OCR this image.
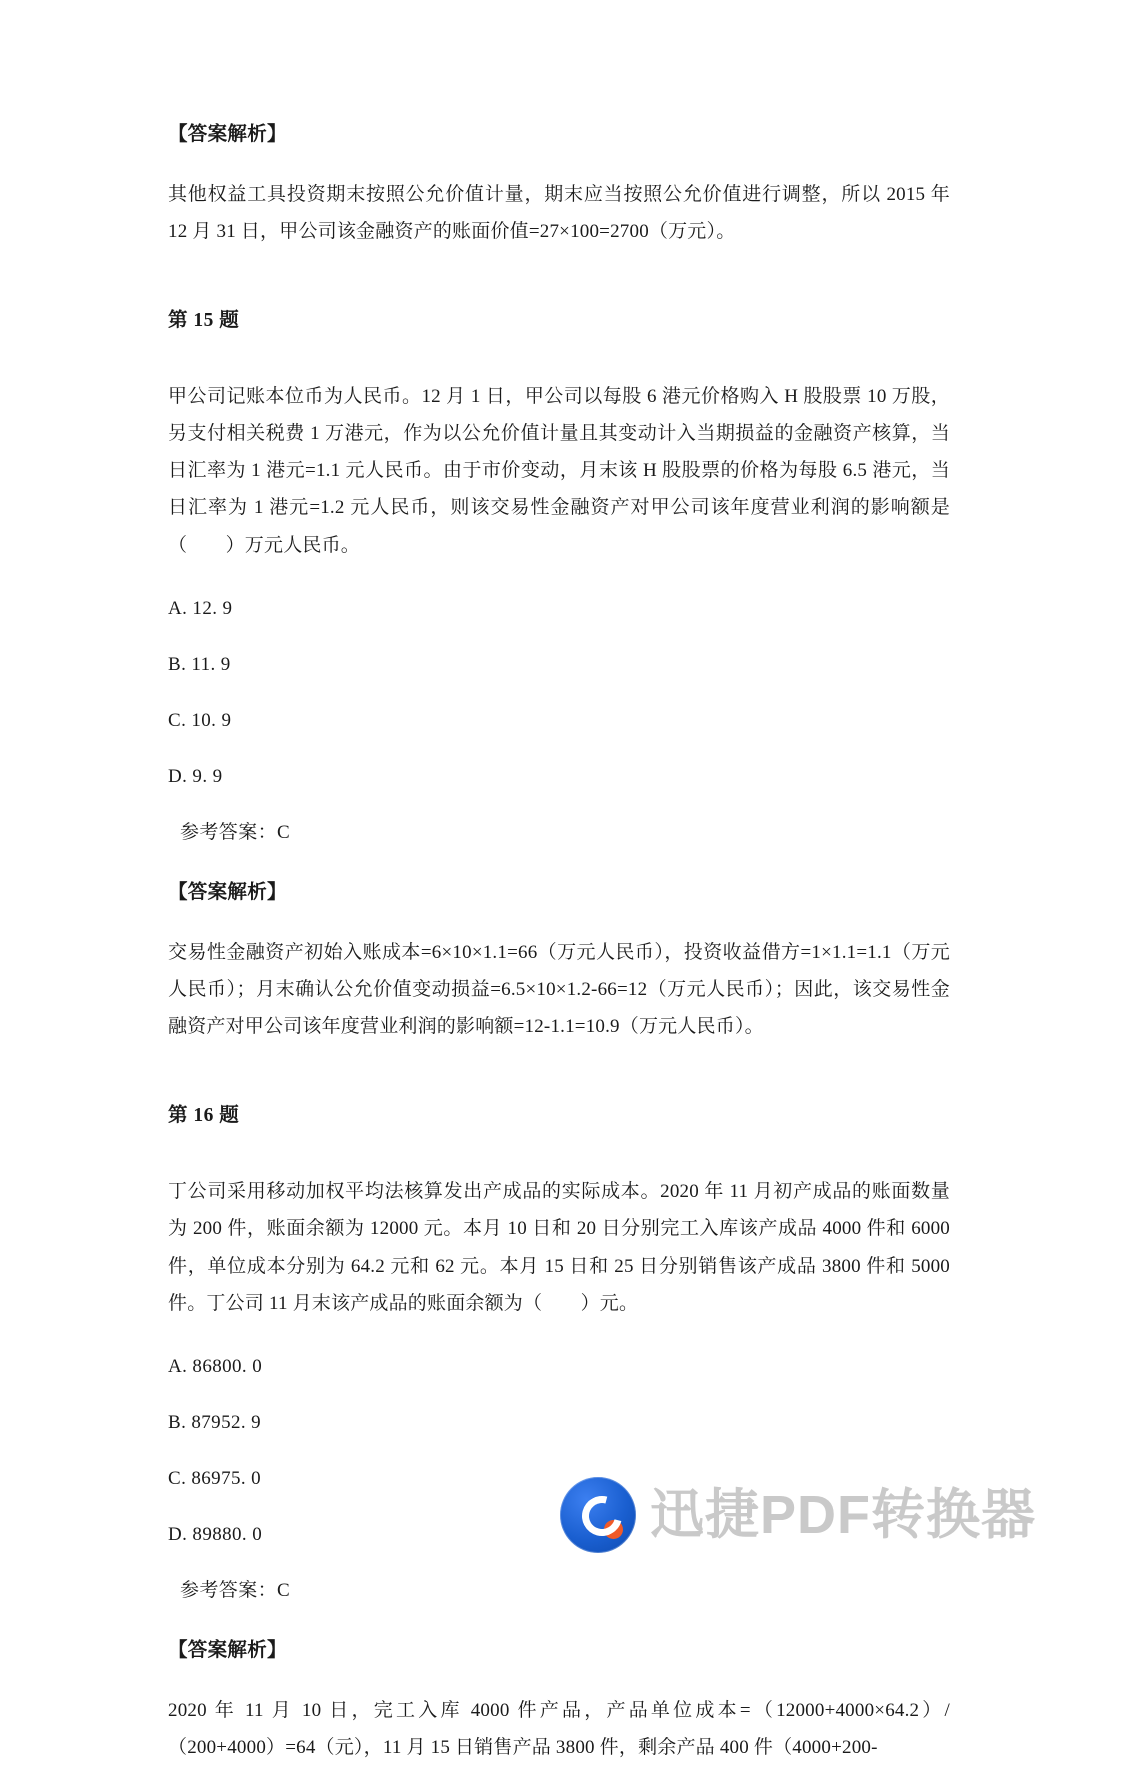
【答案解析】

其他权益工具投资期末按照公允价值计量，期末应当按照公允价值进行调整，所以 2015 年 12 月 31 日，甲公司该金融资产的账面价值=27×100=2700（万元）。

第 15 题

甲公司记账本位币为人民币。12 月 1 日，甲公司以每股 6 港元价格购入 H 股股票 10 万股，另支付相关税费 1 万港元，作为以公允价值计量且其变动计入当期损益的金融资产核算，当日汇率为 1 港元=1.1 元人民币。由于市价变动，月末该 H 股股票的价格为每股 6.5 港元，当日汇率为 1 港元=1.2 元人民币，则该交易性金融资产对甲公司该年度营业利润的影响额是（　　）万元人民币。

A. 12. 9

B. 11. 9

C. 10. 9

D. 9. 9

参考答案：C

【答案解析】

交易性金融资产初始入账成本=6×10×1.1=66（万元人民币），投资收益借方=1×1.1=1.1（万元人民币）；月末确认公允价值变动损益=6.5×10×1.2-66=12（万元人民币）；因此，该交易性金融资产对甲公司该年度营业利润的影响额=12-1.1=10.9（万元人民币）。

第 16 题

丁公司采用移动加权平均法核算发出产成品的实际成本。2020 年 11 月初产成品的账面数量为 200 件，账面余额为 12000 元。本月 10 日和 20 日分别完工入库该产成品 4000 件和 6000 件，单位成本分别为 64.2 元和 62 元。本月 15 日和 25 日分别销售该产成品 3800 件和 5000 件。丁公司 11 月末该产成品的账面余额为（　　）元。

A. 86800. 0

B. 87952. 9

C. 86975. 0

D. 89880. 0

参考答案：C

【答案解析】

2020 年 11 月 10 日，完工入库 4000 件产品，产品单位成本=（12000+4000×64.2）/（200+4000）=64（元），11 月 15 日销售产品 3800 件，剩余产品 400 件（4000+200-

迅捷PDF转换器
